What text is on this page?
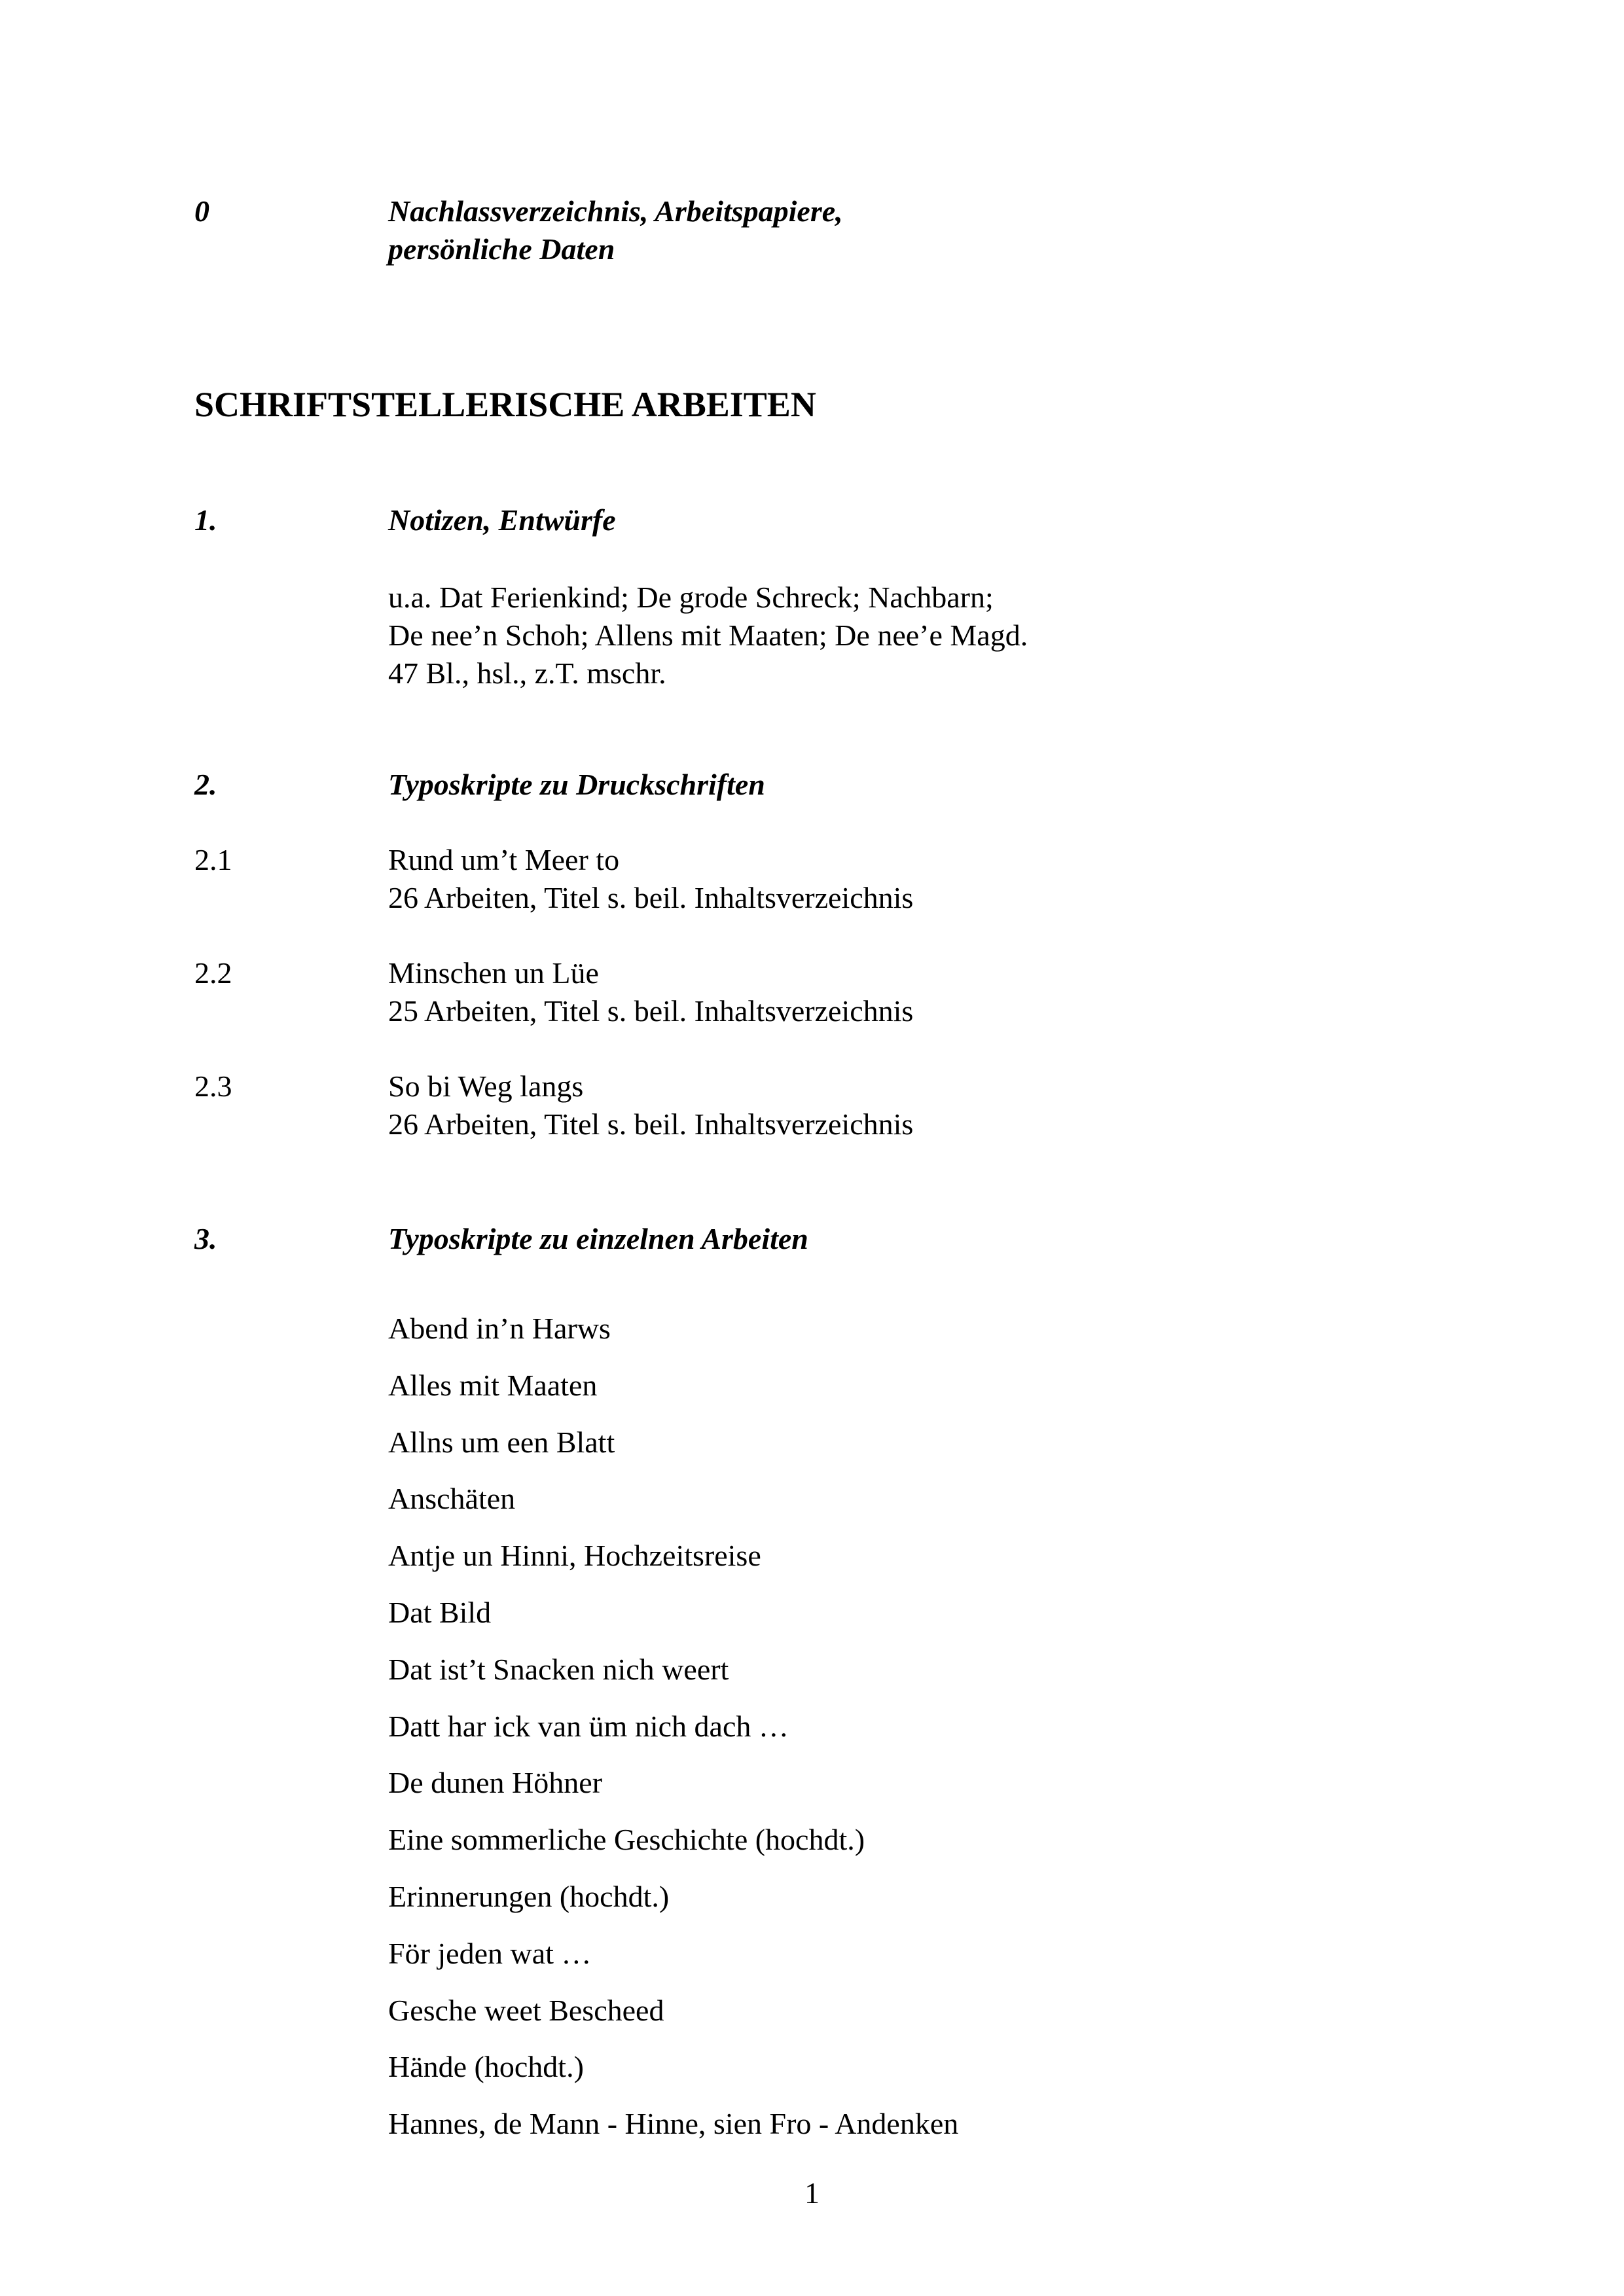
0	Nachlassverzeichnis, Arbeitspapiere,
persönliche Daten
SCHRIFTSTELLERISCHE ARBEITEN
1.	Notizen, Entwürfe
u.a. Dat Ferienkind; De grode Schreck; Nachbarn;
De nee’n Schoh; Allens mit Maaten; De nee’e Magd.
47 Bl., hsl., z.T. mschr.
2.	Typoskripte zu Druckschriften
2.1	Rund um’t Meer to
26 Arbeiten, Titel s. beil. Inhaltsverzeichnis
2.2	Minschen un Lüe
25 Arbeiten, Titel s. beil. Inhaltsverzeichnis
2.3	So bi Weg langs
26 Arbeiten, Titel s. beil. Inhaltsverzeichnis
3.	Typoskripte zu einzelnen Arbeiten
Abend in’n Harws
Alles mit Maaten
Allns um een Blatt
Anschäten
Antje un Hinni, Hochzeitsreise
Dat Bild
Dat ist’t Snacken nich weert
Datt har ick van üm nich dach …
De dunen Höhner
Eine sommerliche Geschichte (hochdt.)
Erinnerungen (hochdt.)
För jeden wat …
Gesche weet Bescheed
Hände (hochdt.)
Hannes, de Mann - Hinne, sien Fro - Andenken
1
